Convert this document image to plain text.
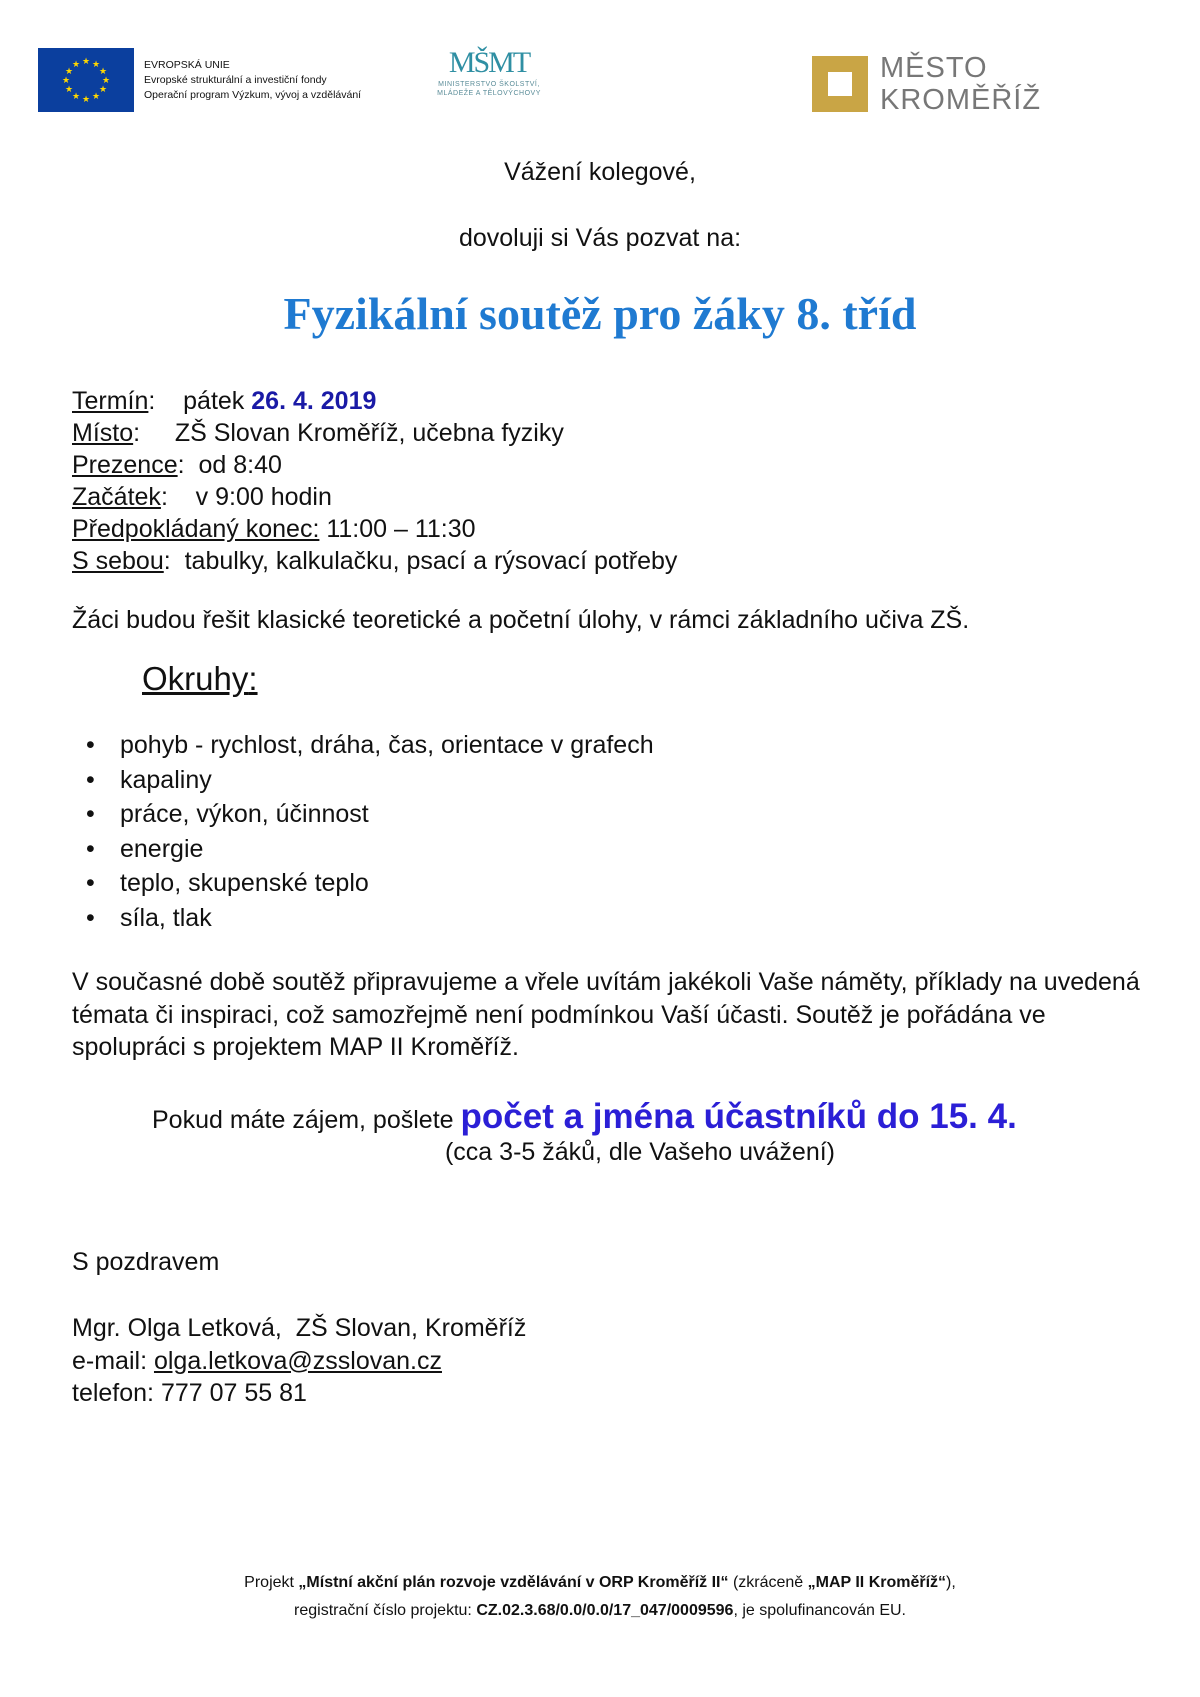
★ ★
★
★
★
★
★
★
★
★
★
★	EVROPSKÁ UNIE
Evropské strukturální a investiční fondy
Operační program Výzkum, vývoj a vzdělávání
MŠMT
MINISTERSTVO ŠKOLSTVÍ,
MLÁDEŽE A TĚLOVÝCHOVY
MĚSTO
KROMĚŘÍŽ
Vážení kolegové,
dovoluji si Vás pozvat na:
Fyzikální soutěž pro žáky 8. tříd
Termín:    pátek 26. 4. 2019
Místo:     ZŠ Slovan Kroměříž, učebna fyziky
Prezence:  od 8:40
Začátek:    v 9:00 hodin
Předpokládaný konec: 11:00 – 11:30
S sebou:  tabulky, kalkulačku, psací a rýsovací potřeby
Žáci budou řešit klasické teoretické a početní úlohy, v rámci základního učiva ZŠ.
Okruhy:
• pohyb - rychlost, dráha, čas, orientace v grafech
• kapaliny
• práce, výkon, účinnost
• energie
• teplo, skupenské teplo
• síla, tlak
V současné době soutěž připravujeme a vřele uvítám jakékoli Vaše náměty, příklady na uvedená témata či inspiraci, což samozřejmě není podmínkou Vaší účasti. Soutěž je pořádána ve spolupráci s projektem MAP II Kroměříž.
Pokud máte zájem, pošlete počet a jména účastníků do 15. 4.
(cca 3-5 žáků, dle Vašeho uvážení)
S pozdravem
Mgr. Olga Letková,  ZŠ Slovan, Kroměříž
e-mail: olga.letkova@zsslovan.cz
telefon: 777 07 55 81
Projekt „Místní akční plán rozvoje vzdělávání v ORP Kroměříž II“ (zkráceně „MAP II Kroměříž“),
registrační číslo projektu: CZ.02.3.68/0.0/0.0/17_047/0009596, je spolufinancován EU.
